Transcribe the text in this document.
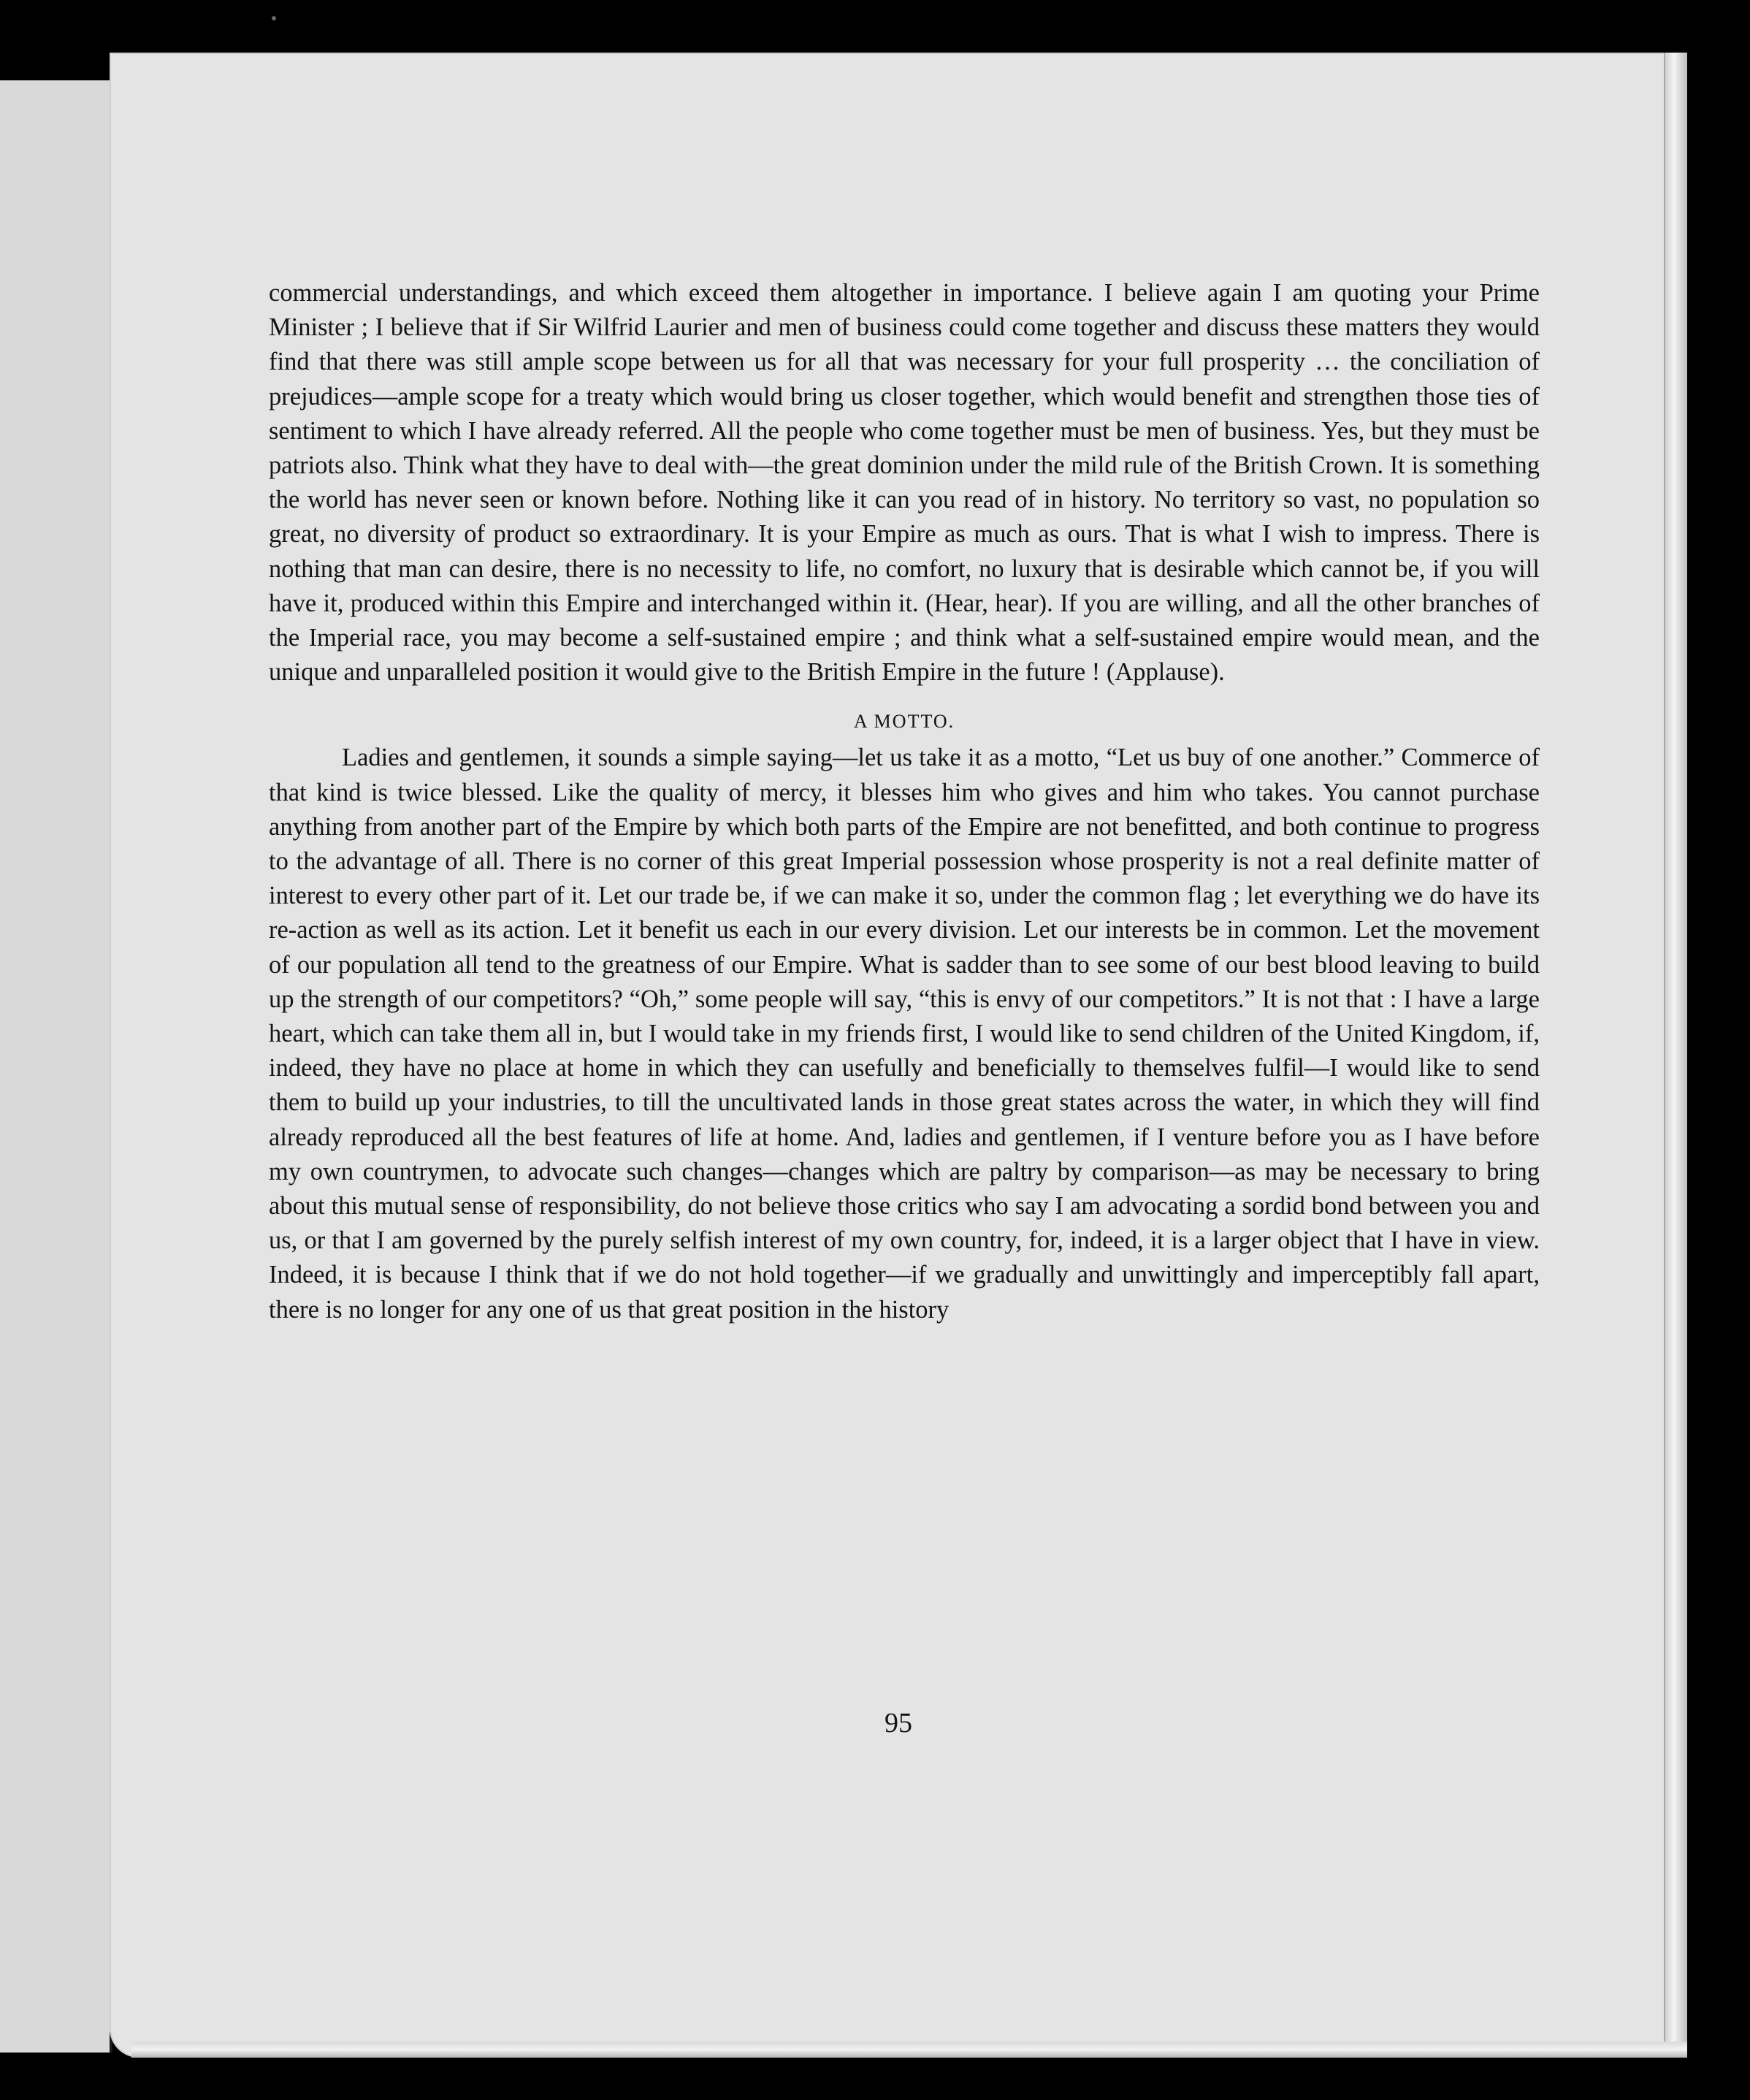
commercial understandings, and which exceed them altogether in importance. I believe again I am quoting your Prime Minister ; I believe that if Sir Wilfrid Laurier and men of business could come together and discuss these matters they would find that there was still ample scope between us for all that was necessary for your full prosperity … the conciliation of prejudices—ample scope for a treaty which would bring us closer together, which would benefit and strengthen those ties of sentiment to which I have already referred. All the people who come together must be men of business. Yes, but they must be patriots also. Think what they have to deal with—the great dominion under the mild rule of the British Crown. It is something the world has never seen or known before. Nothing like it can you read of in history. No territory so vast, no population so great, no diversity of product so extraordinary. It is your Empire as much as ours. That is what I wish to impress. There is nothing that man can desire, there is no necessity to life, no comfort, no luxury that is desirable which cannot be, if you will have it, produced within this Empire and interchanged within it. (Hear, hear). If you are willing, and all the other branches of the Imperial race, you may become a self-sustained empire ; and think what a self-sustained empire would mean, and the unique and unparalleled position it would give to the British Empire in the future ! (Applause).

A MOTTO.

Ladies and gentlemen, it sounds a simple saying—let us take it as a motto, “Let us buy of one another.” Commerce of that kind is twice blessed. Like the quality of mercy, it blesses him who gives and him who takes. You cannot purchase anything from another part of the Empire by which both parts of the Empire are not benefitted, and both continue to progress to the advantage of all. There is no corner of this great Imperial possession whose prosperity is not a real definite matter of interest to every other part of it. Let our trade be, if we can make it so, under the common flag ; let everything we do have its re-action as well as its action. Let it benefit us each in our every division. Let our interests be in common. Let the movement of our population all tend to the greatness of our Empire. What is sadder than to see some of our best blood leaving to build up the strength of our competitors? “Oh,” some people will say, “this is envy of our competitors.” It is not that : I have a large heart, which can take them all in, but I would take in my friends first, I would like to send children of the United Kingdom, if, indeed, they have no place at home in which they can usefully and beneficially to themselves fulfil—I would like to send them to build up your industries, to till the uncultivated lands in those great states across the water, in which they will find already reproduced all the best features of life at home. And, ladies and gentlemen, if I venture before you as I have before my own countrymen, to advocate such changes—changes which are paltry by comparison—as may be necessary to bring about this mutual sense of responsibility, do not believe those critics who say I am advocating a sordid bond between you and us, or that I am governed by the purely selfish interest of my own country, for, indeed, it is a larger object that I have in view. Indeed, it is because I think that if we do not hold together—if we gradually and unwittingly and imperceptibly fall apart, there is no longer for any one of us that great position in the history

95
